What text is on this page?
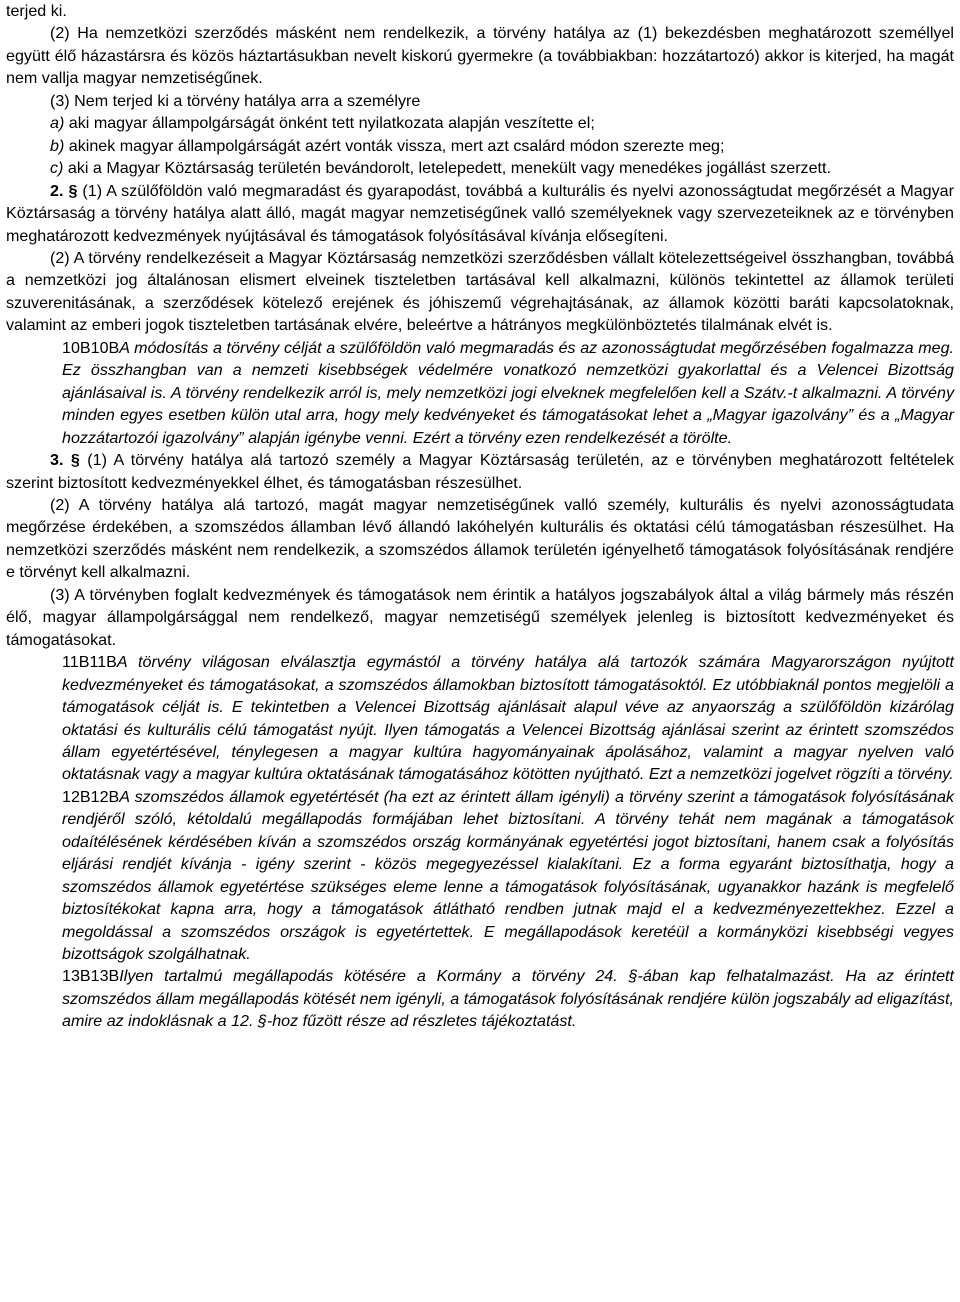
terjed ki.

(2) Ha nemzetközi szerződés másként nem rendelkezik, a törvény hatálya az (1) bekezdésben meghatározott személlyel együtt élő házastársra és közös háztartásukban nevelt kiskorú gyermekre (a továbbiakban: hozzátartozó) akkor is kiterjed, ha magát nem vallja magyar nemzetiségűnek.

(3) Nem terjed ki a törvény hatálya arra a személyre

a) aki magyar állampolgárságát önként tett nyilatkozata alapján veszítette el;

b) akinek magyar állampolgárságát azért vonták vissza, mert azt csalárd módon szerezte meg;

c) aki a Magyar Köztársaság területén bevándorolt, letelepedett, menekült vagy menedékes jogállást szerzett.

2. § (1) A szülőföldön való megmaradást és gyarapodást, továbbá a kulturális és nyelvi azonosságtudat megőrzését a Magyar Köztársaság a törvény hatálya alatt álló, magát magyar nemzetiségűnek valló személyeknek vagy szervezeteiknek az e törvényben meghatározott kedvezmények nyújtásával és támogatások folyósításával kívánja elősegíteni.

(2) A törvény rendelkezéseit a Magyar Köztársaság nemzetközi szerződésben vállalt kötelezettségeivel összhangban, továbbá a nemzetközi jog általánosan elismert elveinek tiszteletben tartásával kell alkalmazni, különös tekintettel az államok területi szuverenitásának, a szerződések kötelező erejének és jóhiszemű végrehajtásának, az államok közötti baráti kapcsolatoknak, valamint az emberi jogok tiszteletben tartásának elvére, beleértve a hátrányos megkülönböztetés tilalmának elvét is.

10B10BA módosítás a törvény célját a szülőföldön való megmaradás és az azonosságtudat megőrzésében fogalmazza meg. Ez összhangban van a nemzeti kisebbségek védelmére vonatkozó nemzetközi gyakorlattal és a Velencei Bizottság ajánlásaival is. A törvény rendelkezik arról is, mely nemzetközi jogi elveknek megfelelően kell a Szátv.-t alkalmazni. A törvény minden egyes esetben külön utal arra, hogy mely kedvényeket és támogatásokat lehet a „Magyar igazolvány” és a „Magyar hozzátartozói igazolvány” alapján igénybe venni. Ezért a törvény ezen rendelkezését a törölte.

3. § (1) A törvény hatálya alá tartozó személy a Magyar Köztársaság területén, az e törvényben meghatározott feltételek szerint biztosított kedvezményekkel élhet, és támogatásban részesülhet.

(2) A törvény hatálya alá tartozó, magát magyar nemzetiségűnek valló személy, kulturális és nyelvi azonosságtudata megőrzése érdekében, a szomszédos államban lévő állandó lakóhelyén kulturális és oktatási célú támogatásban részesülhet. Ha nemzetközi szerződés másként nem rendelkezik, a szomszédos államok területén igényelhető támogatások folyósításának rendjére e törvényt kell alkalmazni.

(3) A törvényben foglalt kedvezmények és támogatások nem érintik a hatályos jogszabályok által a világ bármely más részén élő, magyar állampolgársággal nem rendelkező, magyar nemzetiségű személyek jelenleg is biztosított kedvezményeket és támogatásokat.

11B11BA törvény világosan elválasztja egymástól a törvény hatálya alá tartozók számára Magyarországon nyújtott kedvezményeket és támogatásokat, a szomszédos államokban biztosított támogatásoktól. Ez utóbbiaknál pontos megjelöli a támogatások célját is. E tekintetben a Velencei Bizottság ajánlásait alapul véve az anyaország a szülőföldön kizárólag oktatási és kulturális célú támogatást nyújt. Ilyen támogatás a Velencei Bizottság ajánlásai szerint az érintett szomszédos állam egyetértésével, ténylegesen a magyar kultúra hagyományainak ápolásához, valamint a magyar nyelven való oktatásnak vagy a magyar kultúra oktatásának támogatásához kötötten nyújtható. Ezt a nemzetközi jogelvet rögzíti a törvény.

12B12BA szomszédos államok egyetértését (ha ezt az érintett állam igényli) a törvény szerint a támogatások folyósításának rendjéről szóló, kétoldalú megállapodás formájában lehet biztosítani. A törvény tehát nem magának a támogatások odaítélésének kérdésében kíván a szomszédos ország kormányának egyetértési jogot biztosítani, hanem csak a folyósítás eljárási rendjét kívánja - igény szerint - közös megegyezéssel kialakítani. Ez a forma egyaránt biztosíthatja, hogy a szomszédos államok egyetértése szükséges eleme lenne a támogatások folyósításának, ugyanakkor hazánk is megfelelő biztosítékokat kapna arra, hogy a támogatások átlátható rendben jutnak majd el a kedvezményezettekhez. Ezzel a megoldással a szomszédos országok is egyetértettek. E megállapodások keretéül a kormányközi kisebbségi vegyes bizottságok szolgálhatnak.

13B13BIlyen tartalmú megállapodás kötésére a Kormány a törvény 24. §-ában kap felhatalmazást. Ha az érintett szomszédos állam megállapodás kötését nem igényli, a támogatások folyósításának rendjére külön jogszabály ad eligazítást, amire az indoklásnak a 12. §-hoz fűzött része ad részletes tájékoztatást.
